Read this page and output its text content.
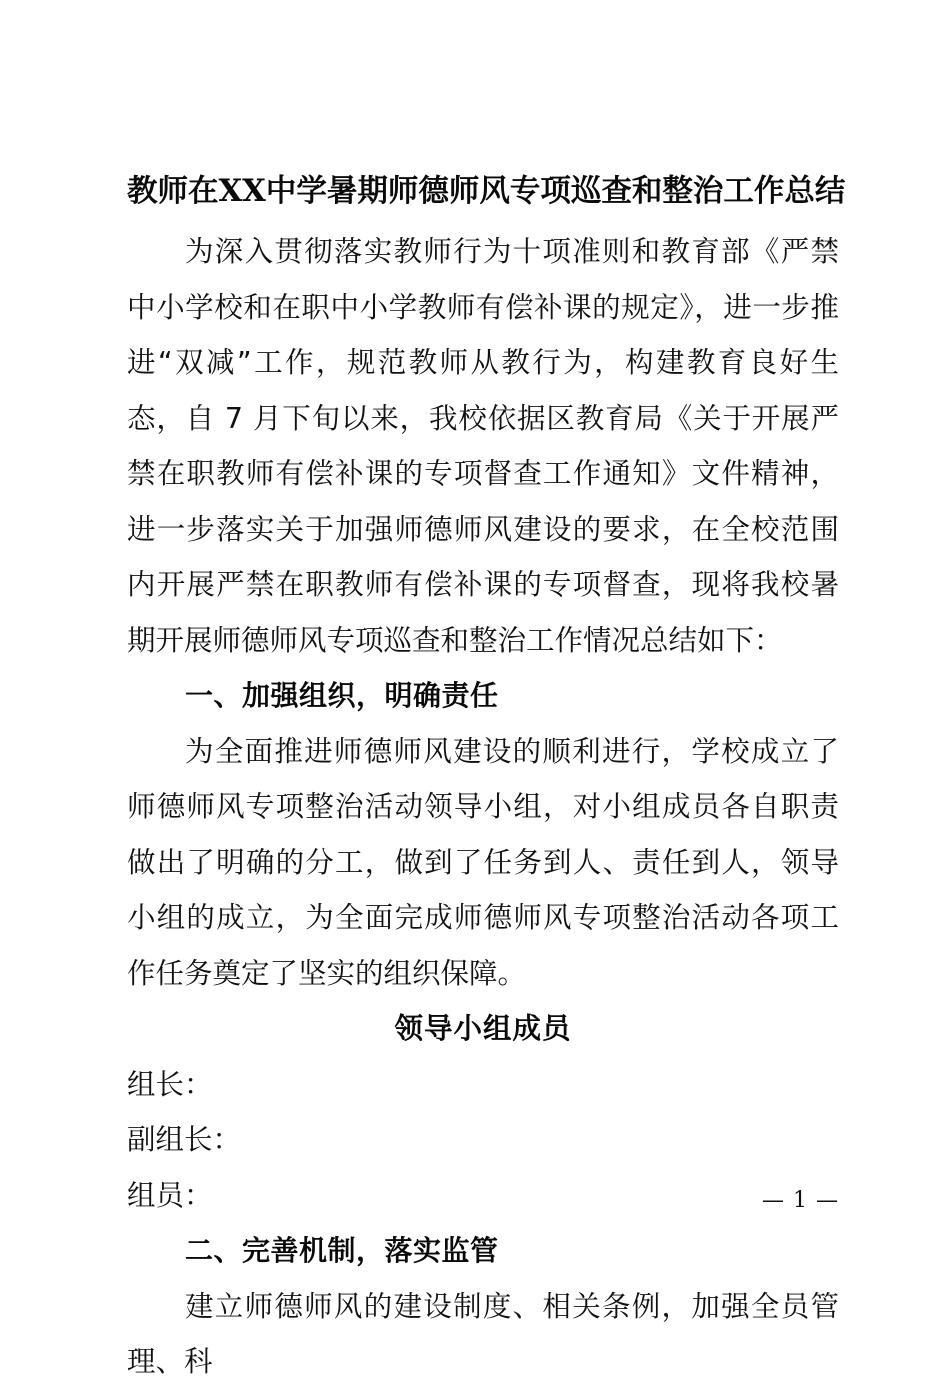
教师在XX中学暑期师德师风专项巡查和整治工作总结

为深入贯彻落实教师行为十项准则和教育部《严禁中小学校和在职中小学教师有偿补课的规定》，进一步推进“双减”工作，规范教师从教行为，构建教育良好生态，自 7 月下旬以来，我校依据区教育局《关于开展严禁在职教师有偿补课的专项督查工作通知》文件精神，进一步落实关于加强师德师风建设的要求，在全校范围内开展严禁在职教师有偿补课的专项督查，现将我校暑期开展师德师风专项巡查和整治工作情况总结如下：

一、加强组织，明确责任

为全面推进师德师风建设的顺利进行，学校成立了师德师风专项整治活动领导小组，对小组成员各自职责做出了明确的分工，做到了任务到人、责任到人，领导小组的成立，为全面完成师德师风专项整治活动各项工作任务奠定了坚实的组织保障。

领导小组成员

组长：

副组长：

组员：

二、完善机制，落实监管

建立师德师风的建设制度、相关条例，加强全员管理、科

— 1 —
